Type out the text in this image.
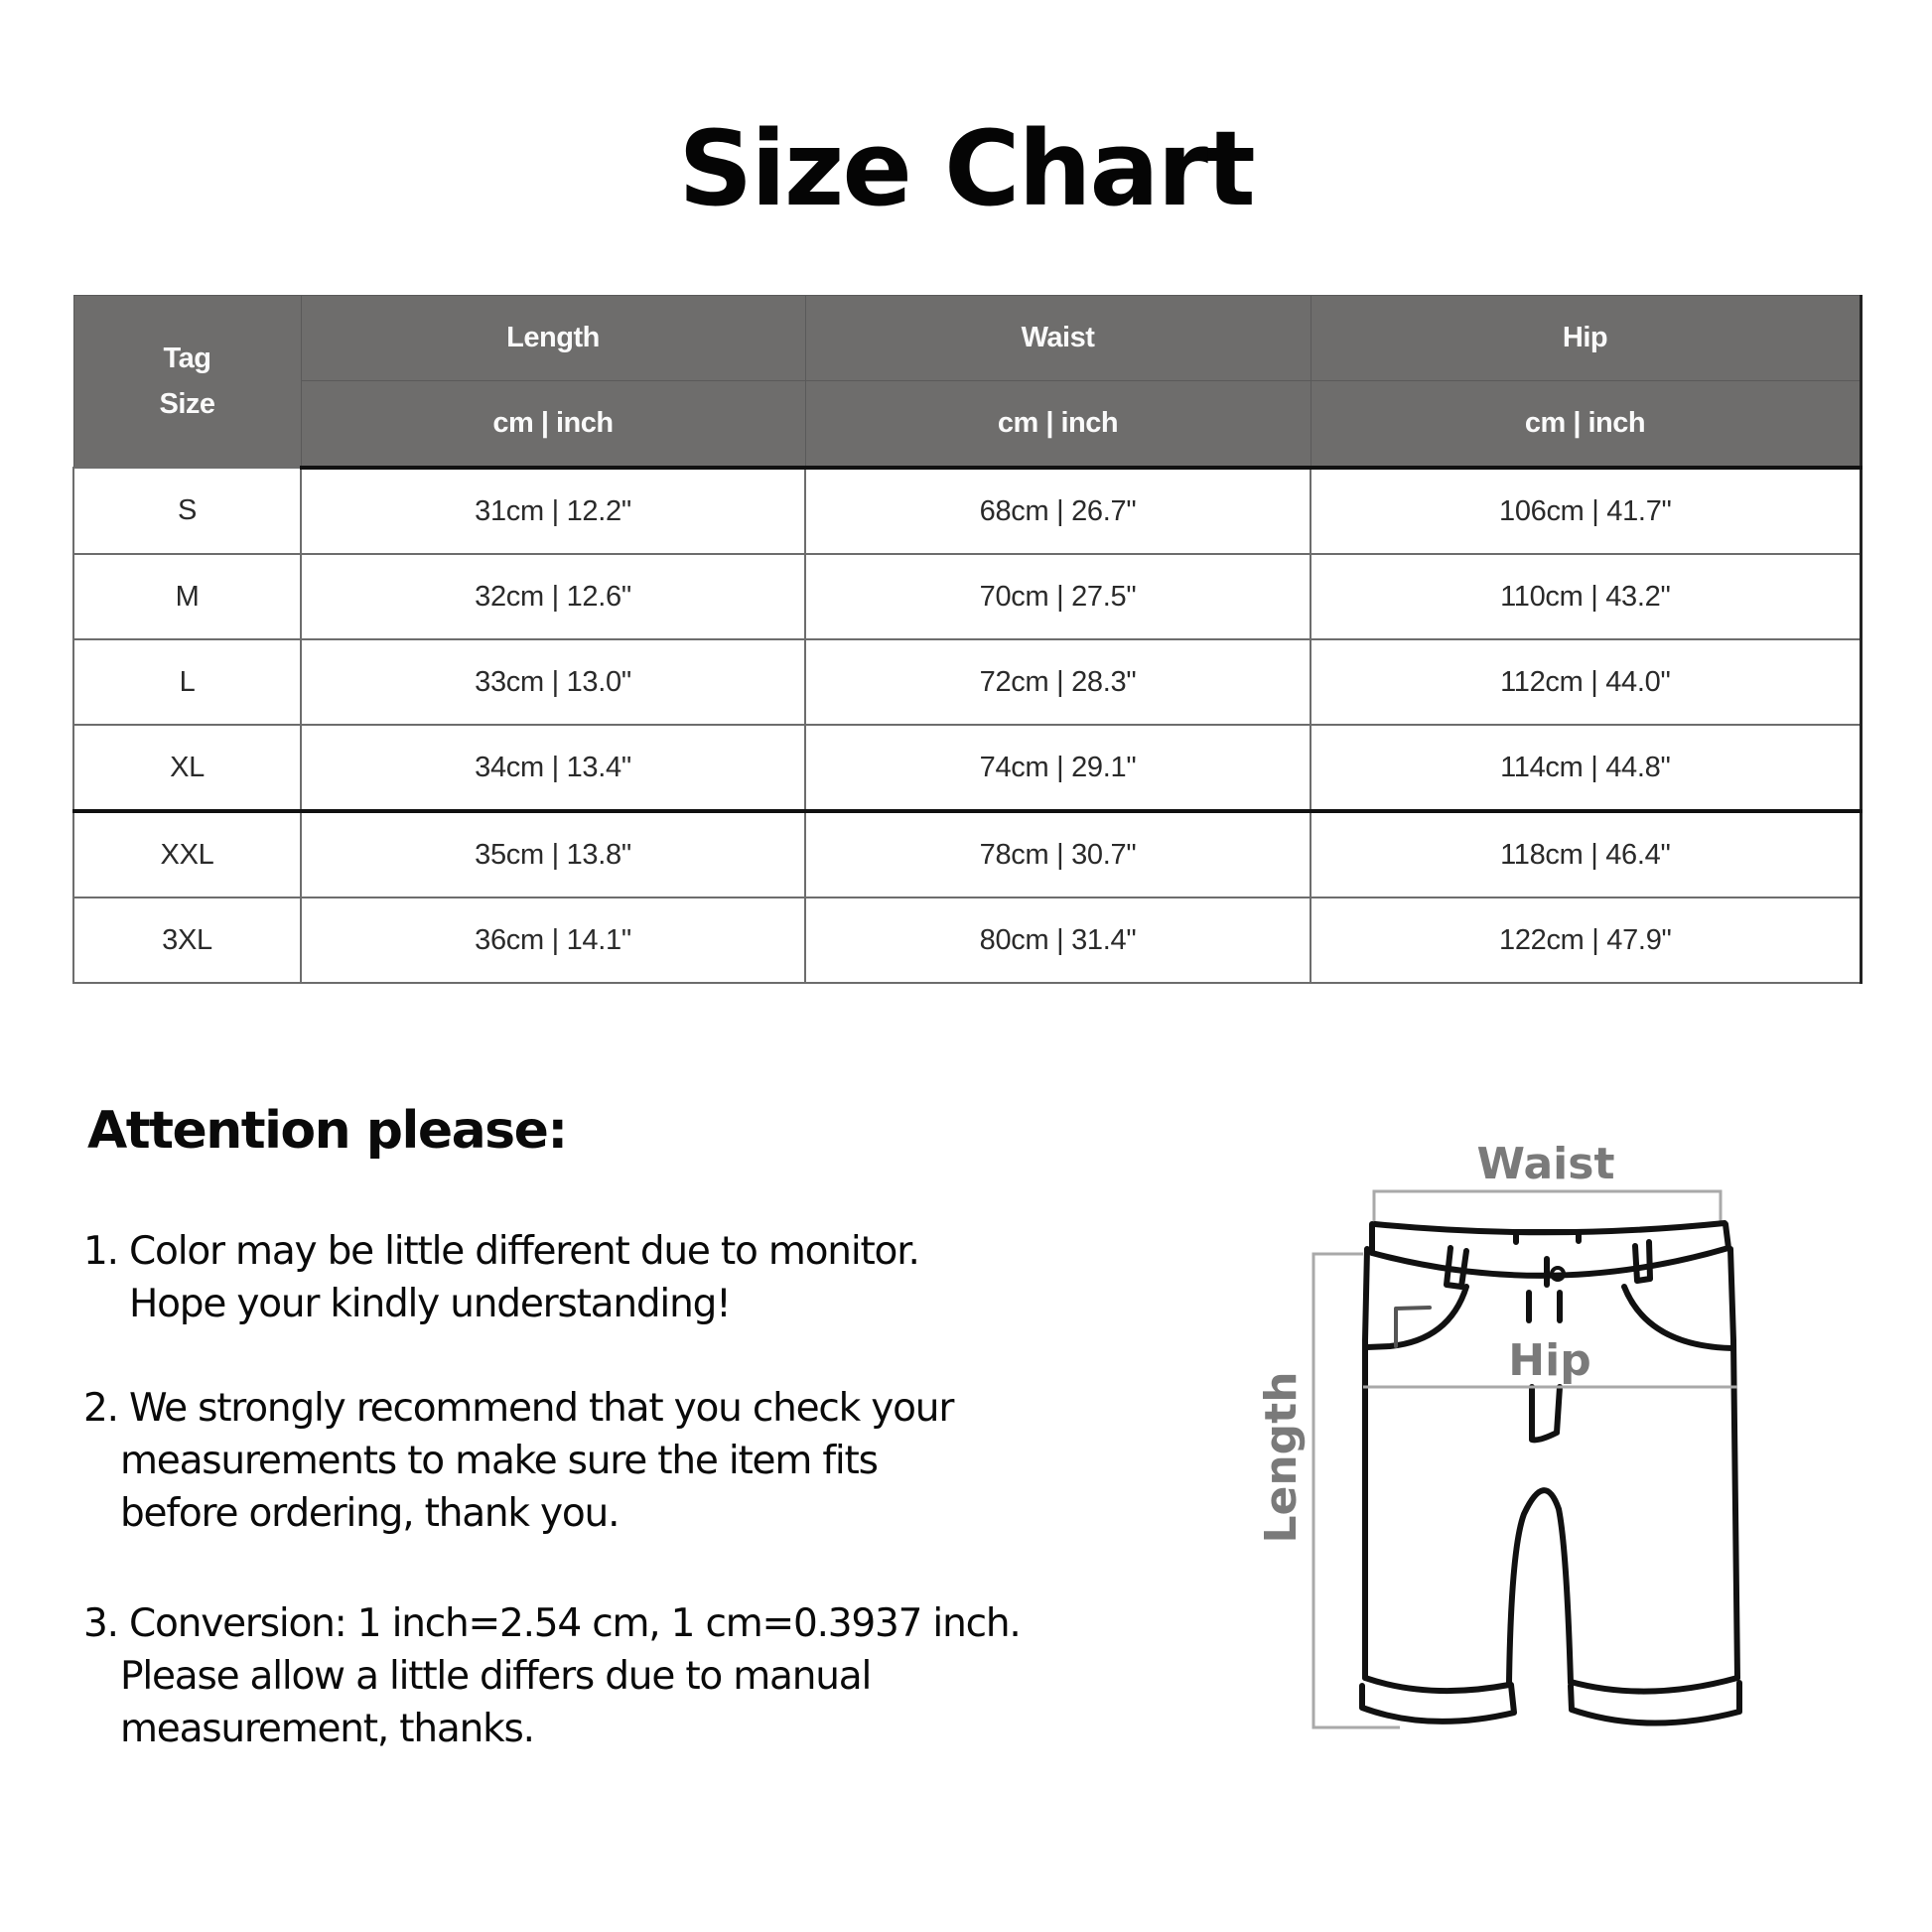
Size Chart
Tag
Size	Length	Waist	Hip
	cm | inch	cm | inch	cm | inch
S	31cm | 12.2"	68cm | 26.7"	106cm | 41.7"
M	32cm | 12.6"	70cm | 27.5"	110cm | 43.2"
L	33cm | 13.0"	72cm | 28.3"	112cm | 44.0"
XL	34cm | 13.4"	74cm | 29.1"	114cm | 44.8"
XXL	35cm | 13.8"	78cm | 30.7"	118cm | 46.4"
3XL	36cm | 14.1"	80cm | 31.4"	122cm | 47.9"
Attention please:
1. Color may be little different due to monitor.
Hope your kindly understanding!
2. We strongly recommend that you check your
measurements to make sure the item fits
before ordering, thank you.
3. Conversion: 1 inch=2.54 cm, 1 cm=0.3937 inch.
Please allow a little differs due to manual
measurement, thanks.
Waist
Length
Hip
